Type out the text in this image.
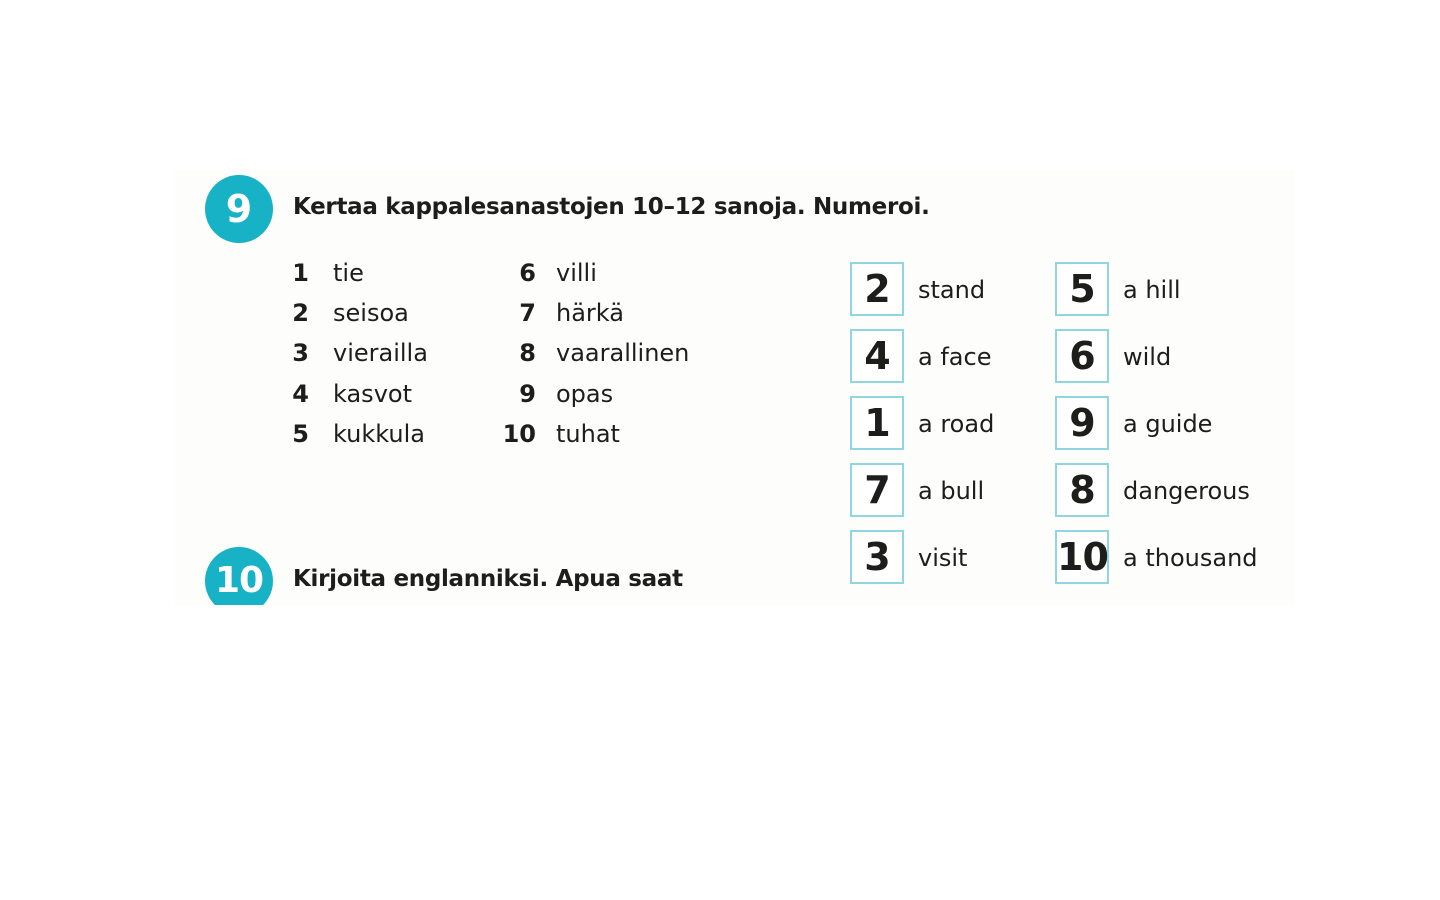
9	Kertaa kappalesanastojen 10–12 sanoja. Numeroi.
1 tie
2 seisoa
3 vierailla
4 kasvot
5 kukkula
6 villi
7 härkä
8 vaarallinen
9 opas
10 tuhat
2	stand
4	a face
1	a road
7	a bull
3	visit
5	a hill
6	wild
9	a guide
8	dangerous
10 a thousand
10	Kirjoita englanniksi. Apua saat
